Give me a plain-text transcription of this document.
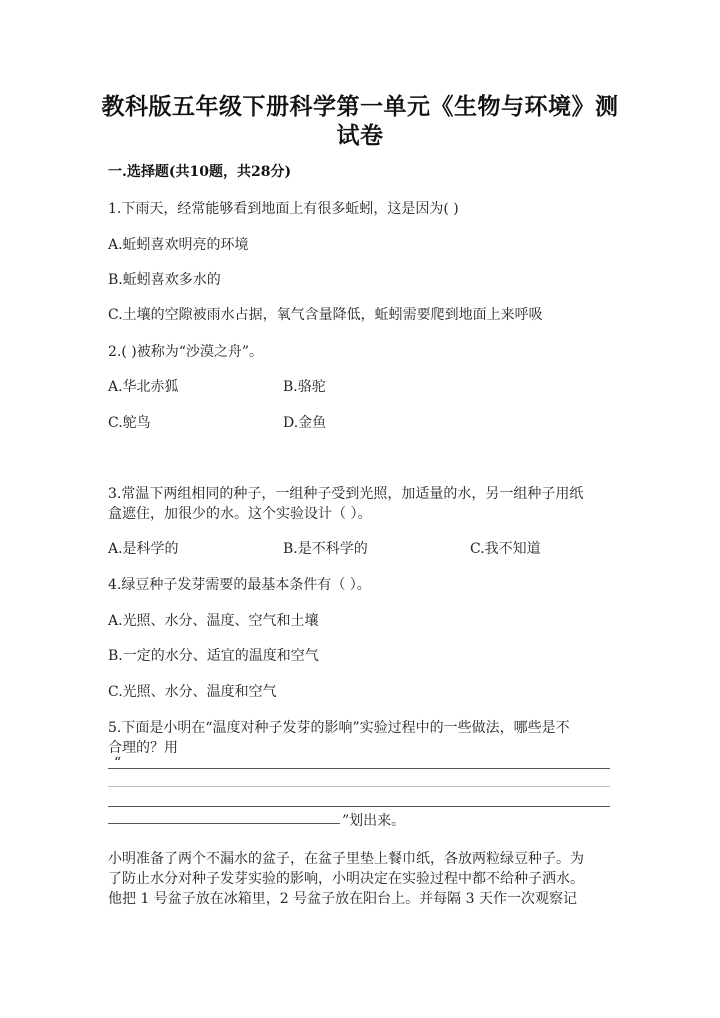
教科版五年级下册科学第一单元《生物与环境》测
试卷
一.选择题(共10题，共28分)
1.下雨天，经常能够看到地面上有很多蚯蚓，这是因为( )
A.蚯蚓喜欢明亮的环境
B.蚯蚓喜欢多水的
C.土壤的空隙被雨水占据，氧气含量降低，蚯蚓需要爬到地面上来呼吸
2.( )被称为“沙漠之舟”。
A.华北赤狐	B.骆驼
C.鸵鸟	D.金鱼
3.常温下两组相同的种子，一组种子受到光照，加适量的水，另一组种子用纸
盒遮住，加很少的水。这个实验设计（ ）。
A.是科学的	B.是不科学的	C.我不知道
4.绿豆种子发芽需要的最基本条件有（ ）。
A.光照、水分、温度、空气和土壤
B.一定的水分、适宜的温度和空气
C.光照、水分、温度和空气
5.下面是小明在“温度对种子发芽的影响”实验过程中的一些做法，哪些是不
合理的？用
“
”划出来。
小明准备了两个不漏水的盆子，在盆子里垫上餐巾纸，各放两粒绿豆种子。为
了防止水分对种子发芽实验的影响，小明决定在实验过程中都不给种子洒水。
他把 1 号盆子放在冰箱里，2 号盆子放在阳台上。并每隔 3 天作一次观察记
